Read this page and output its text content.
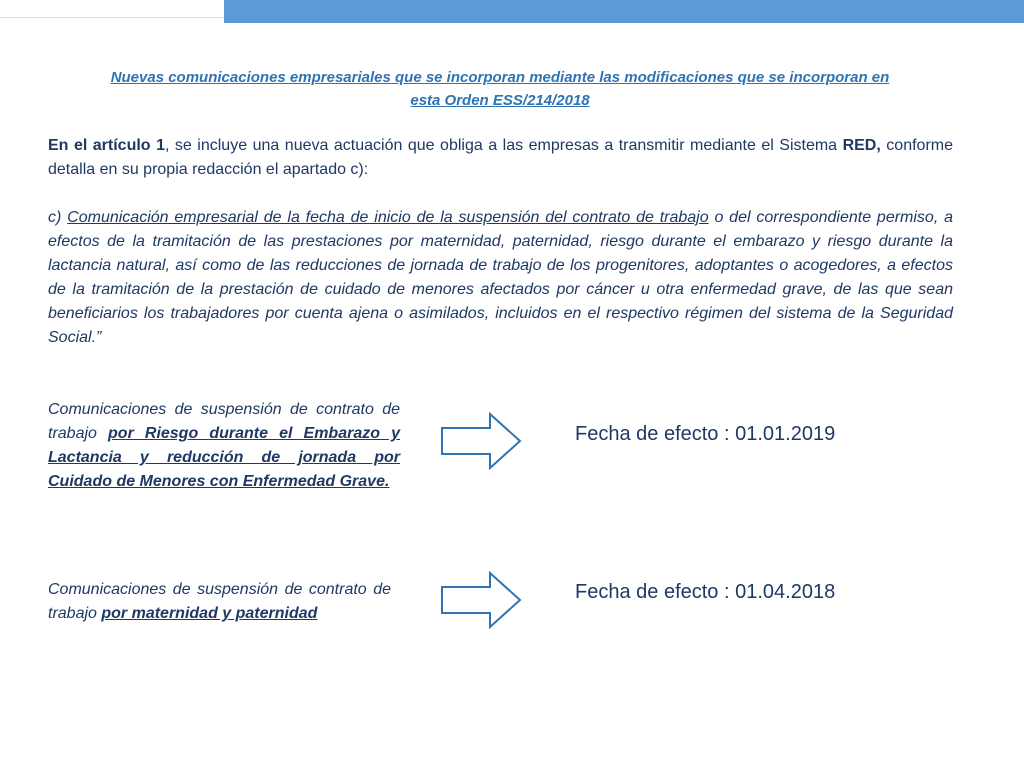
Nuevas comunicaciones empresariales que se incorporan mediante las modificaciones que se incorporan en
esta Orden ESS/214/2018
En el artículo 1, se incluye una nueva actuación que obliga a las empresas a transmitir mediante el Sistema RED, conforme detalla en su propia redacción el apartado c):
c) Comunicación empresarial de la fecha de inicio de la suspensión del contrato de trabajo o del correspondiente permiso, a efectos de la tramitación de las prestaciones por maternidad, paternidad, riesgo durante el embarazo y riesgo durante la lactancia natural, así como de las reducciones de jornada de trabajo de los progenitores, adoptantes o acogedores, a efectos de la tramitación de la prestación de cuidado de menores afectados por cáncer u otra enfermedad grave, de las que sean beneficiarios los trabajadores por cuenta ajena o asimilados, incluidos en el respectivo régimen del sistema de la Seguridad Social.”
Comunicaciones de suspensión de contrato de trabajo por Riesgo durante el Embarazo y Lactancia y reducción de jornada por Cuidado de Menores con Enfermedad Grave.
Fecha de efecto : 01.01.2019
Comunicaciones de suspensión de contrato de trabajo por maternidad y paternidad
Fecha de efecto : 01.04.2018
